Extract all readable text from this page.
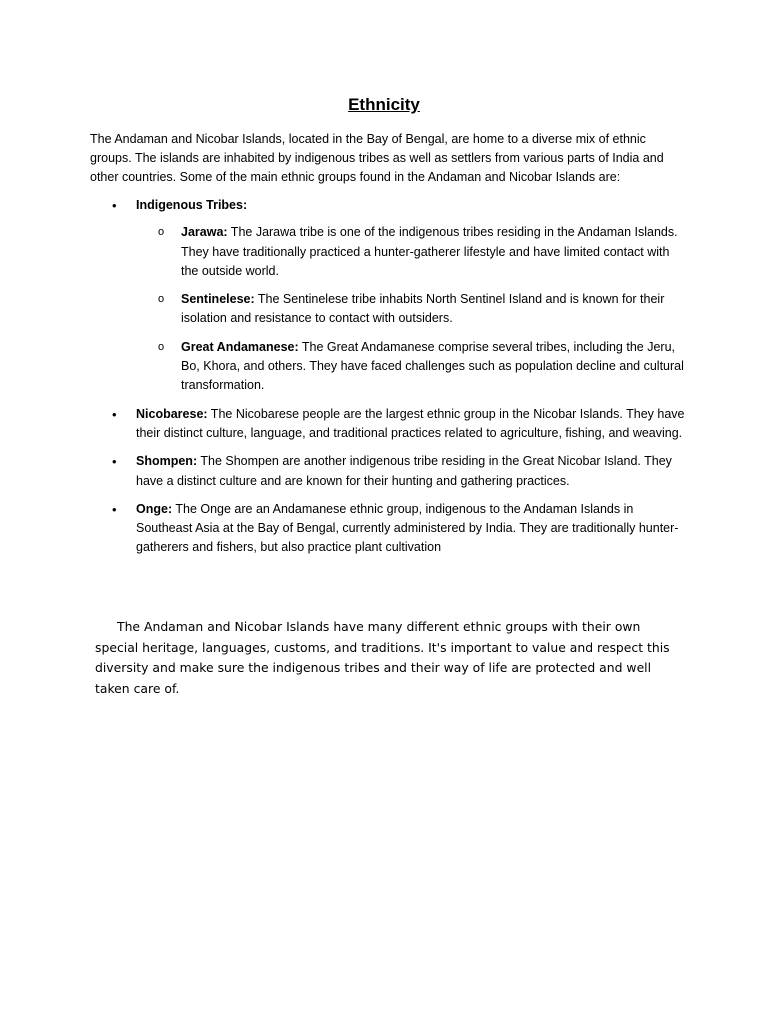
Ethnicity

The Andaman and Nicobar Islands, located in the Bay of Bengal, are home to a diverse mix of ethnic groups. The islands are inhabited by indigenous tribes as well as settlers from various parts of India and other countries. Some of the main ethnic groups found in the Andaman and Nicobar Islands are:

• Indigenous Tribes:
o Jarawa: The Jarawa tribe is one of the indigenous tribes residing in the Andaman Islands. They have traditionally practiced a hunter-gatherer lifestyle and have limited contact with the outside world.
o Sentinelese: The Sentinelese tribe inhabits North Sentinel Island and is known for their isolation and resistance to contact with outsiders.
o Great Andamanese: The Great Andamanese comprise several tribes, including the Jeru, Bo, Khora, and others. They have faced challenges such as population decline and cultural transformation.
• Nicobarese: The Nicobarese people are the largest ethnic group in the Nicobar Islands. They have their distinct culture, language, and traditional practices related to agriculture, fishing, and weaving.
• Shompen: The Shompen are another indigenous tribe residing in the Great Nicobar Island. They have a distinct culture and are known for their hunting and gathering practices.
• Onge: The Onge are an Andamanese ethnic group, indigenous to the Andaman Islands in Southeast Asia at the Bay of Bengal, currently administered by India. They are traditionally hunter-gatherers and fishers, but also practice plant cultivation

The Andaman and Nicobar Islands have many different ethnic groups with their own special heritage, languages, customs, and traditions. It's important to value and respect this diversity and make sure the indigenous tribes and their way of life are protected and well taken care of.
